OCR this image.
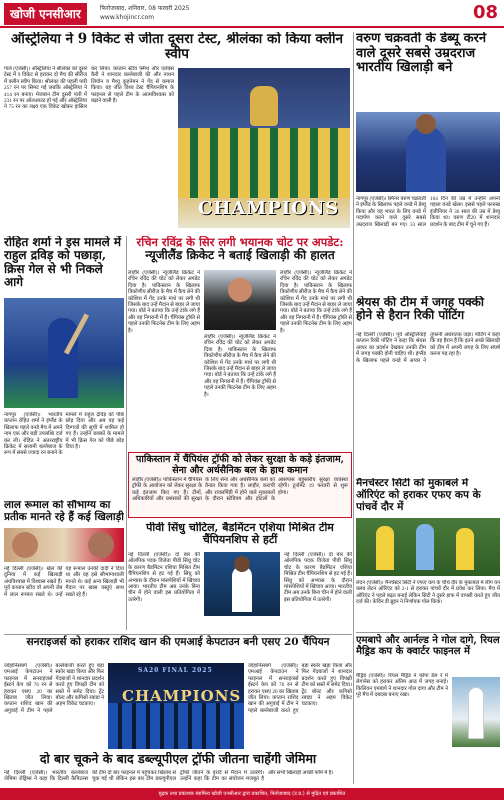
खोजी एनसीआर	फिरोजाबाद, शनिवार, 08 फरवरी 2025
www.khojincr.com	08
ऑस्ट्रेलिया ने 9 विकेट से जीता दूसरा टेस्ट, श्रीलंका को किया क्लीन स्वीप
गाले (एजेंसी)। ऑस्ट्रेलिया ने श्रीलंका को दूसरे टेस्ट में 9 विकेट से हराकर दो मैच की सीरीज में क्लीन स्वीप किया। श्रीलंका की पहली पारी 257 रन पर सिमट गई जबकि ऑस्ट्रेलिया ने 414 रन बनाए। मेजबान टीम दूसरी पारी में 231 रन पर ऑलआउट हो गई और ऑस्ट्रेलिया ने 75 रन का लक्ष्य एक विकेट खोकर हासिल कर लिया। कप्तान स्टीव स्मिथ और एलेक्स कैरी ने शानदार बल्लेबाजी की और नाथन लियोन व मैथ्यू कुहनेमन ने गेंद से कमाल किया। यह जीत विश्व टेस्ट चैंपियनशिप के फाइनल से पहले टीम के आत्मविश्वास को बढ़ाने वाली है।
CHAMPIONS
वरुण चक्रवर्ती के डेब्यू करने वाले दूसरे सबसे उम्रदराज भारतीय खिलाड़ी बने
नागपुर (एजेंसी)। स्पिनर वरुण चक्रवर्ती ने इंग्लैंड के खिलाफ पहले वनडे में डेब्यू किया और वह भारत के लिए वनडे में पदार्पण करने वाले दूसरे सबसे उम्रदराज खिलाड़ी बन गए। 33 साल 164 दिन की उम्र में उन्होंने अपना पहला वनडे खेला। इससे पहले फारुख इंजीनियर ने 36 साल की उम्र में डेब्यू किया था। वरुण टी20 में शानदार प्रदर्शन के बाद टीम में चुने गए हैं।
रोहित शर्मा ने इस मामले में राहुल द्रविड़ को पछाड़ा, क्रिस गेल से भी निकले आगे
नागपुर (एजेंसी)। भारतीय कप्तान रोहित शर्मा ने इंग्लैंड के खिलाफ पहले वनडे मैच में अपने नाम एक और बड़ी उपलब्धि दर्ज कर ली। रोहित ने अंतरराष्ट्रीय क्रिकेट में सलामी बल्लेबाज के रूप में सबसे ज्यादा रन बनाने के मामले में राहुल द्रविड़ को पीछे छोड़ दिया और अब वह कई दिग्गजों की सूची में शामिल हो गए हैं। उन्होंने छक्कों के मामले में भी क्रिस गेल को पीछे छोड़ दिया है।
रचिन रविंद्र के सिर लगी भयानक चोट पर अपडेट:
न्यूजीलैंड क्रिकेट ने बताई खिलाड़ी की हालत
लाहौर (एजेंसी)। न्यूजीलैंड क्रिकेट ने रचिन रविंद्र की चोट को लेकर अपडेट दिया है। पाकिस्तान के खिलाफ त्रिकोणीय सीरीज के मैच में कैच लेने की कोशिश में गेंद उनके माथे पर लगी थी जिसके बाद उन्हें मैदान से बाहर ले जाया गया। बोर्ड ने बताया कि उन्हें टांके लगे हैं और वह निगरानी में हैं। चैंपियंस ट्रॉफी से पहले उनकी फिटनेस टीम के लिए अहम है।
लाहौर (एजेंसी)। न्यूजीलैंड क्रिकेट ने रचिन रविंद्र की चोट को लेकर अपडेट दिया है। पाकिस्तान के खिलाफ त्रिकोणीय सीरीज के मैच में कैच लेने की कोशिश में गेंद उनके माथे पर लगी थी जिसके बाद उन्हें मैदान से बाहर ले जाया गया। बोर्ड ने बताया कि उन्हें टांके लगे हैं और वह निगरानी में हैं। चैंपियंस ट्रॉफी से पहले उनकी फिटनेस टीम के लिए अहम है।
लाहौर (एजेंसी)। न्यूजीलैंड क्रिकेट ने रचिन रविंद्र की चोट को लेकर अपडेट दिया है। पाकिस्तान के खिलाफ त्रिकोणीय सीरीज के मैच में कैच लेने की कोशिश में गेंद उनके माथे पर लगी थी जिसके बाद उन्हें मैदान से बाहर ले जाया गया। बोर्ड ने बताया कि उन्हें टांके लगे हैं और वह निगरानी में हैं। चैंपियंस ट्रॉफी से पहले उनकी फिटनेस टीम के लिए अहम है।
श्रेयस की टीम में जगह पक्की होने से हैरान रिकी पोंटिंग
नई दिल्ली (एजेंसी)। पूर्व ऑस्ट्रेलियाई कप्तान रिकी पोंटिंग ने कहा कि श्रेयस अय्यर का प्रदर्शन देखकर उनकी टीम में जगह पक्की होनी चाहिए थी। इंग्लैंड के खिलाफ पहले वनडे में अय्यर ने तूफानी अर्धशतक जड़ा। पोंटिंग ने कहा कि वह हैरान हैं कि इतने अच्छे खिलाड़ी को टीम में अपनी जगह के लिए संघर्ष करना पड़ रहा है।
पाकिस्तान में चैंपियंस ट्रॉफी को लेकर सुरक्षा के कड़े इंतजाम, सेना और अर्धसैनिक बल के हाथ कमान
लाहौर (एजेंसी)। पाकिस्तान में चैंपियंस ट्रॉफी के आयोजन को लेकर सुरक्षा के कड़े इंतजाम किए गए हैं। टीमों, अधिकारियों और प्रशंसकों की सुरक्षा के लिए सेना और अर्धसैनिक बलों को तैनात किया गया है। लाहौर, कराची और रावलपिंडी में होने वाले मुकाबलों के दौरान स्टेडियम और होटलों के आसपास बहुस्तरीय सुरक्षा व्यवस्था रहेगी। टूर्नामेंट 19 फरवरी से शुरू होगा।
पीवी सिंधु चोटिल, बैडमिंटन एशिया मिश्रित टीम चैंपियनशिप से हटीं
नई दिल्ली (एजेंसी)। दो बार की ओलंपिक पदक विजेता पीवी सिंधु चोट के कारण बैडमिंटन एशिया मिश्रित टीम चैंपियनशिप से हट गई हैं। सिंधु को अभ्यास के दौरान मांसपेशियों में खिंचाव आया। भारतीय टीम अब उनके बिना चीन में होने वाली इस प्रतियोगिता में उतरेगी।
नई दिल्ली (एजेंसी)। दो बार की ओलंपिक पदक विजेता पीवी सिंधु चोट के कारण बैडमिंटन एशिया मिश्रित टीम चैंपियनशिप से हट गई हैं। सिंधु को अभ्यास के दौरान मांसपेशियों में खिंचाव आया। भारतीय टीम अब उनके बिना चीन में होने वाली इस प्रतियोगिता में उतरेगी।
लाल रूमाल को सौभाग्य का प्रतीक मानते रहे हैं कई खिलाड़ी
नई दिल्ली (एजेंसी)। खेल की दुनिया में कई खिलाड़ी अंधविश्वास में विश्वास रखते हैं। पूर्व कप्तान स्टीव वॉ अपनी जेब में लाल रूमाल रखते थे। उन्हें यह रूमाल उनकी दादी ने दिया था और वह इसे सौभाग्यशाली मानते थे। कई अन्य खिलाड़ी भी मैदान पर खास वस्तुएं साथ रखते रहे हैं।
मैनचेस्टर सिटी को मुकाबले में ऑरिएंट को हराकर एफए कप के पांचवें दौर में
लंदन (एजेंसी)। मैनचेस्टर सिटी ने एफए कप के चौथे दौर के मुकाबले में लीग वन क्लब लेटन ओरिएंट को 2-1 से हराकर पांचवें दौर में प्रवेश कर लिया। मैच में ओरिएंट ने पहले बढ़त बनाई लेकिन सिटी ने दूसरे हाफ में वापसी करते हुए जीत दर्ज की। केविन डी ब्रुइन ने निर्णायक गोल किया।
सनराइजर्स को हराकर राशिद खान की एमआई केपटाउन बनी एसए 20 चैंपियन
जोहानिसबर्ग (एजेंसी)। एमआई केपटाउन ने फाइनल में सनराइजर्स ईस्टर्न केप को 76 रन से हराकर एसए 20 का खिताब जीत लिया। कप्तान राशिद खान की अगुवाई में टीम ने पहले बल्लेबाजी करते हुए बड़ा स्कोर खड़ा किया और फिर गेंदबाजों ने शानदार प्रदर्शन करते हुए विपक्षी टीम को सस्ते में समेट दिया। ट्रेंट बोल्ट और कगिसो रबाडा ने अहम विकेट चटकाए।
SA20 FINAL 2025
CHAMPIONS
जोहानिसबर्ग (एजेंसी)। एमआई केपटाउन ने फाइनल में सनराइजर्स ईस्टर्न केप को 76 रन से हराकर एसए 20 का खिताब जीत लिया। कप्तान राशिद खान की अगुवाई में टीम ने पहले बल्लेबाजी करते हुए बड़ा स्कोर खड़ा किया और फिर गेंदबाजों ने शानदार प्रदर्शन करते हुए विपक्षी टीम को सस्ते में समेट दिया। ट्रेंट बोल्ट और कगिसो रबाडा ने अहम विकेट चटकाए।
एमबापे और आर्नल्ड ने गोल दागे, रियल मैड्रिड कप के क्वार्टर फाइनल में
मैड्रिड (एजेंसी)। रियल मैड्रिड ने कोपा डेल रे में लेगानेस को हराकर अंतिम आठ में जगह बनाई। किलियन एमबापे ने शानदार गोल दागा और टीम ने पूरे मैच में दबदबा बनाए रखा।
दो बार चूकने के बाद डब्ल्यूपीएल ट्रॉफी जीतना चाहेंगी जेमिमा
नई दिल्ली (एजेंसी)। भारतीय बल्लेबाज जेमिमा रोड्रिग्स ने कहा कि दिल्ली कैपिटल्स की टीम दो बार फाइनल में पहुंचकर खिताब से चूक गई थी लेकिन इस बार टीम डब्ल्यूपीएल ट्रॉफी जीतने के इरादे से मैदान में उतरेगी। उन्होंने कहा कि टीम का संयोजन मजबूत है और सभी खिलाड़ी अच्छी फॉर्म में हैं।
मुद्रक तथा प्रकाशक स्वामित्व खोजी एनसीआर द्वारा प्रकाशित, फिरोजाबाद (उ.प्र.) से मुद्रित एवं प्रकाशित
